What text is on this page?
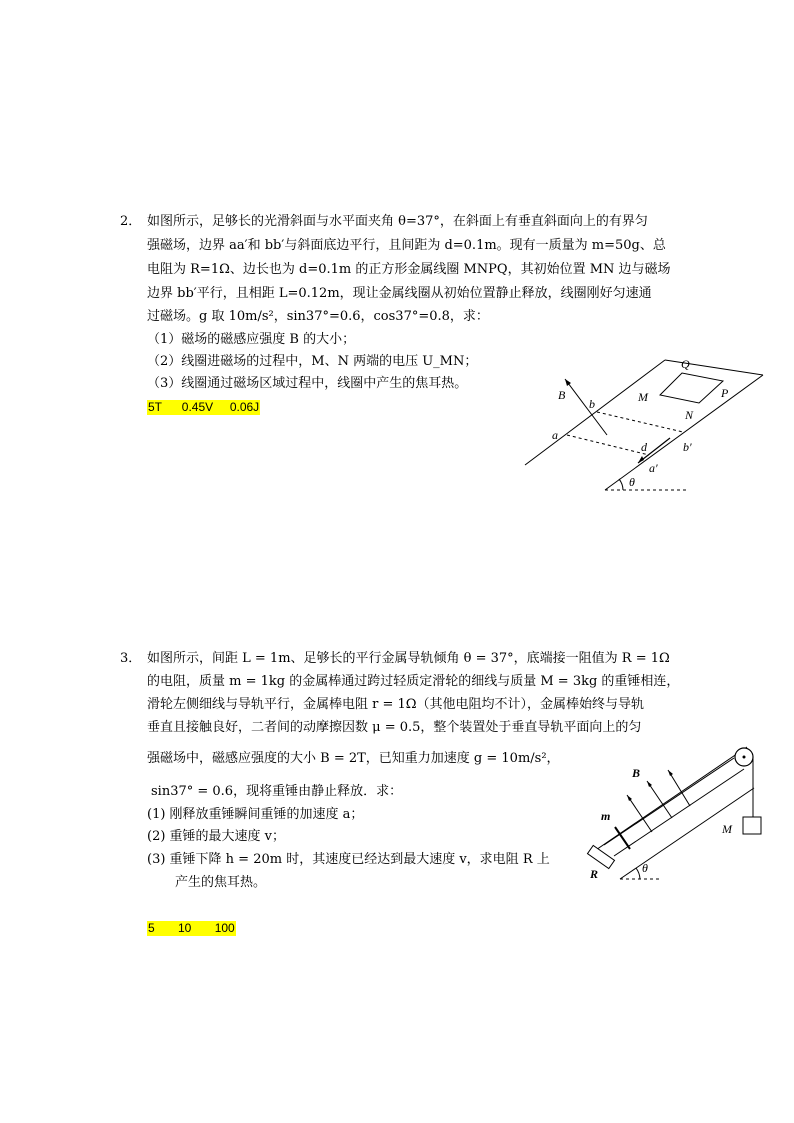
2． 如图所示，足够长的光滑斜面与水平面夹角 θ=37°，在斜面上有垂直斜面向上的有界匀
强磁场，边界 aa′和 bb′与斜面底边平行，且间距为 d=0.1m。现有一质量为 m=50g、总
电阻为 R=1Ω、边长也为 d=0.1m 的正方形金属线圈 MNPQ，其初始位置 MN 边与磁场
边界 bb′平行，且相距 L=0.12m，现让金属线圈从初始位置静止释放，线圈刚好匀速通
过磁场。g 取 10m/s²，sin37°=0.6，cos37°=0.8，求：
（1）磁场的磁感应强度 B 的大小；
（2）线圈进磁场的过程中，M、N 两端的电压 U_MN；
（3）线圈通过磁场区域过程中，线圈中产生的焦耳热。
5T      0.45V     0.06J
Q
M	P
N
B
b
a
d	b′
a′
θ
3． 如图所示，间距 L = 1m、足够长的平行金属导轨倾角 θ = 37°，底端接一阻值为 R = 1Ω
的电阻，质量 m = 1kg 的金属棒通过跨过轻质定滑轮的细线与质量 M = 3kg 的重锤相连，
滑轮左侧细线与导轨平行，金属棒电阻 r = 1Ω（其他电阻均不计），金属棒始终与导轨
垂直且接触良好，二者间的动摩擦因数 μ = 0.5，整个装置处于垂直导轨平面向上的匀
强磁场中，磁感应强度的大小 B = 2T，已知重力加速度 g = 10m/s²，
sin37° = 0.6，现将重锤由静止释放．求：
(1) 刚释放重锤瞬间重锤的加速度 a；
(2) 重锤的最大速度 v；
(3) 重锤下降 h = 20m 时，其速度已经达到最大速度 v，求电阻 R 上
产生的焦耳热。
5       10       100
B
m
M
R	θ
